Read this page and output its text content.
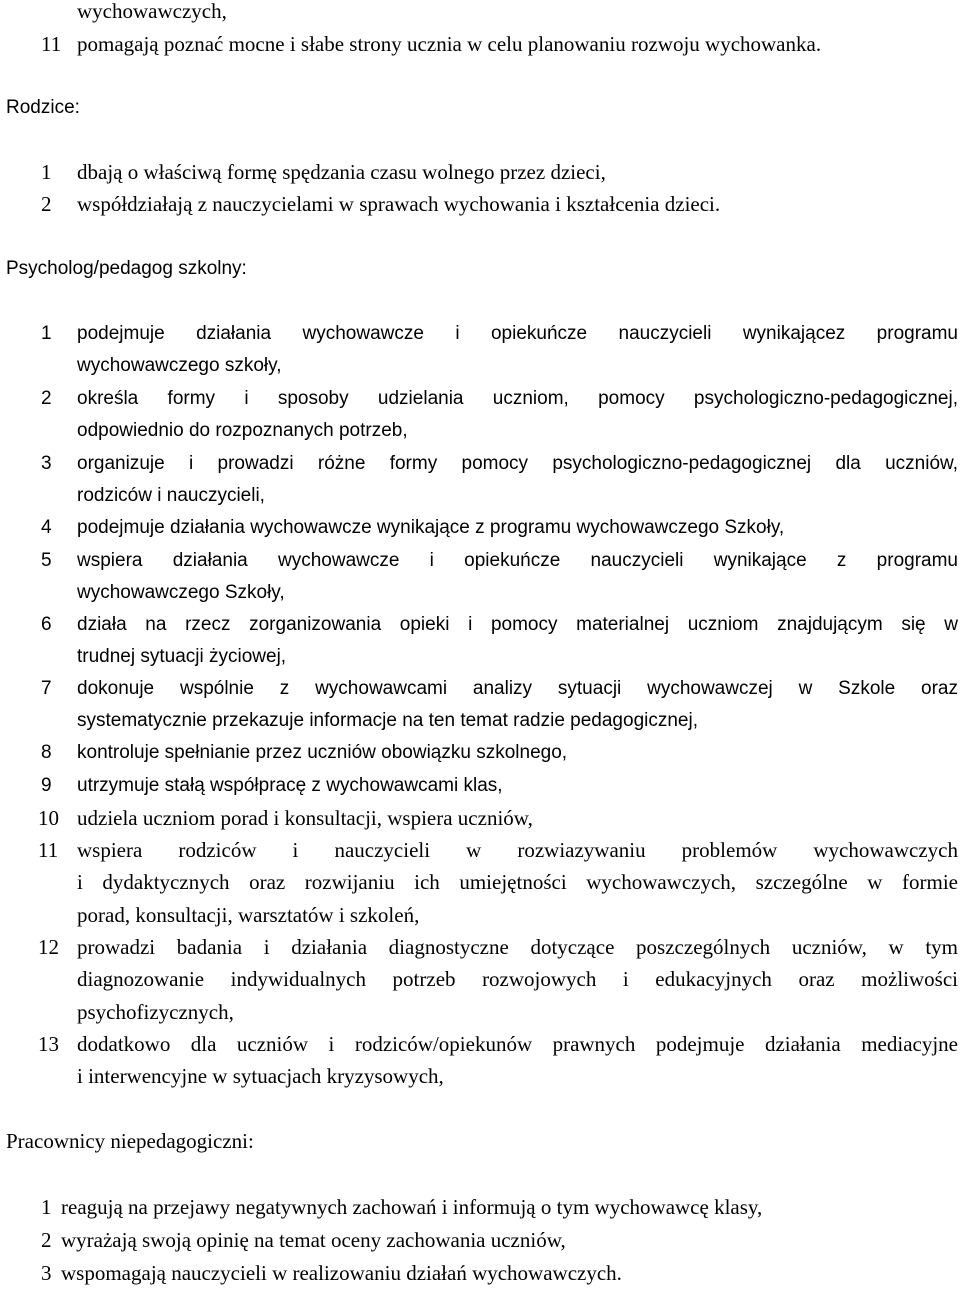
wychowawczych,
11 pomagają poznać mocne i słabe strony ucznia w celu planowaniu rozwoju wychowanka.
Rodzice:
1 dbają o właściwą formę spędzania czasu wolnego przez dzieci,
2 współdziałają z nauczycielami w sprawach wychowania i kształcenia dzieci.
Psycholog/pedagog szkolny:
1 podejmuje działania wychowawcze i opiekuńcze nauczycieli wynikającez programu
wychowawczego szkoły,
2 określa formy i sposoby udzielania uczniom, pomocy psychologiczno-pedagogicznej,
odpowiednio do rozpoznanych potrzeb,
3 organizuje i prowadzi różne formy pomocy psychologiczno-pedagogicznej dla uczniów,
rodziców i nauczycieli,
4 podejmuje działania wychowawcze wynikające z programu wychowawczego Szkoły,
5 wspiera działania wychowawcze i opiekuńcze nauczycieli wynikające z programu
wychowawczego Szkoły,
6 działa na rzecz zorganizowania opieki i pomocy materialnej uczniom znajdującym się w
trudnej sytuacji życiowej,
7 dokonuje wspólnie z wychowawcami analizy sytuacji wychowawczej w Szkole oraz
systematycznie przekazuje informacje na ten temat radzie pedagogicznej,
8 kontroluje spełnianie przez uczniów obowiązku szkolnego,
9 utrzymuje stałą współpracę z wychowawcami klas,
10 udziela uczniom porad i konsultacji, wspiera uczniów,
11 wspiera rodziców i nauczycieli w rozwiazywaniu problemów wychowawczych
i dydaktycznych oraz rozwijaniu ich umiejętności wychowawczych, szczególne w formie
porad, konsultacji, warsztatów i szkoleń,
12 prowadzi badania i działania diagnostyczne dotyczące poszczególnych uczniów, w tym
diagnozowanie indywidualnych potrzeb rozwojowych i edukacyjnych oraz możliwości
psychofizycznych,
13 dodatkowo dla uczniów i rodziców/opiekunów prawnych podejmuje działania mediacyjne
i interwencyjne w sytuacjach kryzysowych,
Pracownicy niepedagogiczni:
1 reagują na przejawy negatywnych zachowań i informują o tym wychowawcę klasy,
2 wyrażają swoją opinię na temat oceny zachowania uczniów,
3 wspomagają nauczycieli w realizowaniu działań wychowawczych.
